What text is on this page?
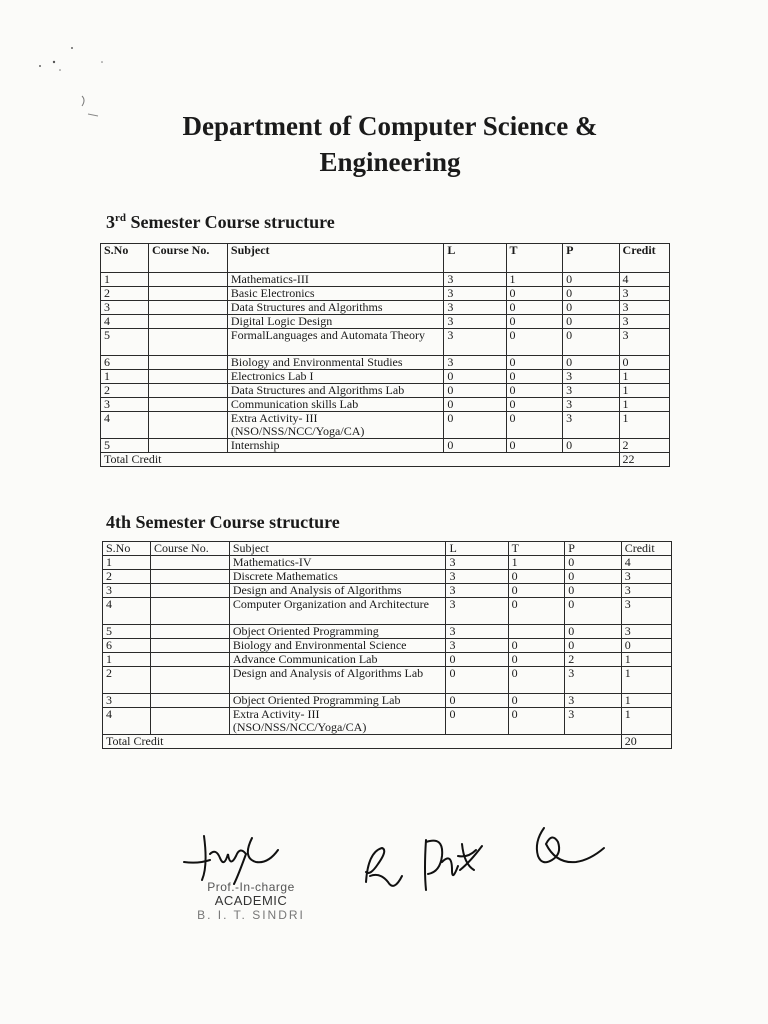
Department of Computer Science & Engineering
3rd Semester Course structure
S.No	Course No.	Subject	L	T	P	Credit
1		Mathematics-III	3	1	0	4
2		Basic Electronics	3	0	0	3
3		Data Structures and Algorithms	3	0	0	3
4		Digital Logic Design	3	0	0	3
5		FormalLanguages and Automata Theory	3	0	0	3
6		Biology and Environmental Studies	3	0	0	0
1		Electronics Lab I	0	0	3	1
2		Data Structures and Algorithms Lab	0	0	3	1
3		Communication skills Lab	0	0	3	1
4		Extra Activity- III (NSO/NSS/NCC/Yoga/CA)	0	0	3	1
5		Internship	0	0	0	2
Total Credit						22
4th Semester Course structure
S.No	Course No.	Subject	L	T	P	Credit
1		Mathematics-IV	3	1	0	4
2		Discrete Mathematics	3	0	0	3
3		Design and Analysis of Algorithms	3	0	0	3
4		Computer Organization and Architecture	3	0	0	3
5		Object Oriented Programming	3		0	3
6		Biology and Environmental Science	3	0	0	0
1		Advance Communication Lab	0	0	2	1
2		Design and Analysis of Algorithms Lab	0	0	3	1
3		Object Oriented Programming Lab	0	0	3	1
4		Extra Activity- III (NSO/NSS/NCC/Yoga/CA)	0	0	3	1
Total Credit						20
Prof.-In-charge
ACADEMIC
B. I. T. SINDRI
